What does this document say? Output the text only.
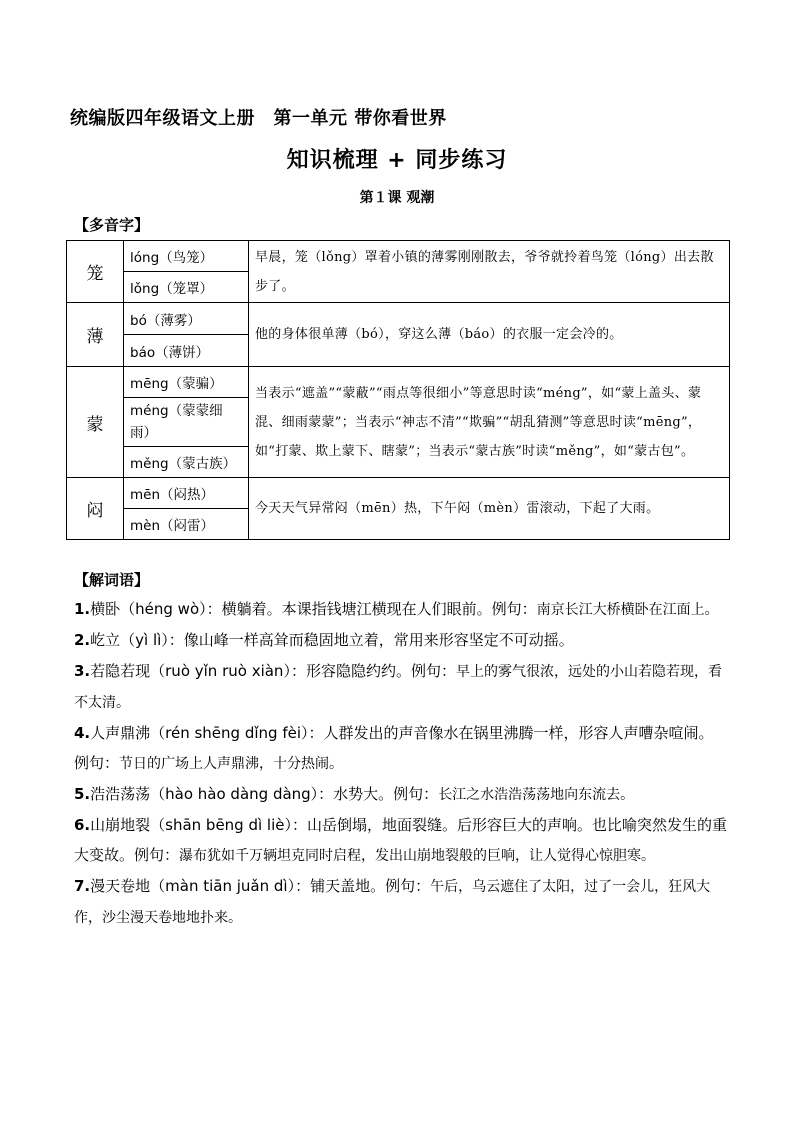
统编版四年级语文上册　第一单元 带你看世界
知识梳理 + 同步练习
第１课 观潮
【多音字】
笼	lóng（鸟笼）	早晨，笼（lǒng）罩着小镇的薄雾刚刚散去，爷爷就拎着鸟笼（lóng）出去散步了。
	lǒng（笼罩）	
薄	bó（薄雾）	他的身体很单薄（bó），穿这么薄（báo）的衣服一定会冷的。
	báo（薄饼）	
蒙	mēng（蒙骗）	当表示“遮盖”“蒙蔽”“雨点等很细小”等意思时读“méng”，如“蒙上盖头、蒙混、细雨蒙蒙”；当表示“神志不清”“欺骗”“胡乱猜测”等意思时读“mēng”，如“打蒙、欺上蒙下、瞎蒙”；当表示“蒙古族”时读“měng”，如“蒙古包”。
	méng（蒙蒙细雨）	
	měng（蒙古族）	
闷	mēn（闷热）	今天天气异常闷（mēn）热，下午闷（mèn）雷滚动，下起了大雨。
	mèn（闷雷）	
【解词语】
1.横卧（héng wò）：横躺着。本课指钱塘江横现在人们眼前。例句：南京长江大桥横卧在江面上。
2.屹立（yì lì）：像山峰一样高耸而稳固地立着，常用来形容坚定不可动摇。
3.若隐若现（ruò yǐn ruò xiàn）：形容隐隐约约。例句：早上的雾气很浓，远处的小山若隐若现，看不太清。
4.人声鼎沸（rén shēng dǐng fèi）：人群发出的声音像水在锅里沸腾一样，形容人声嘈杂喧闹。例句：节日的广场上人声鼎沸，十分热闹。
5.浩浩荡荡（hào hào dàng dàng）：水势大。例句：长江之水浩浩荡荡地向东流去。
6.山崩地裂（shān bēng dì liè）：山岳倒塌，地面裂缝。后形容巨大的声响。也比喻突然发生的重大变故。例句：瀑布犹如千万辆坦克同时启程，发出山崩地裂般的巨响，让人觉得心惊胆寒。
7.漫天卷地（màn tiān juǎn dì）：铺天盖地。例句：午后，乌云遮住了太阳，过了一会儿，狂风大作，沙尘漫天卷地地扑来。
